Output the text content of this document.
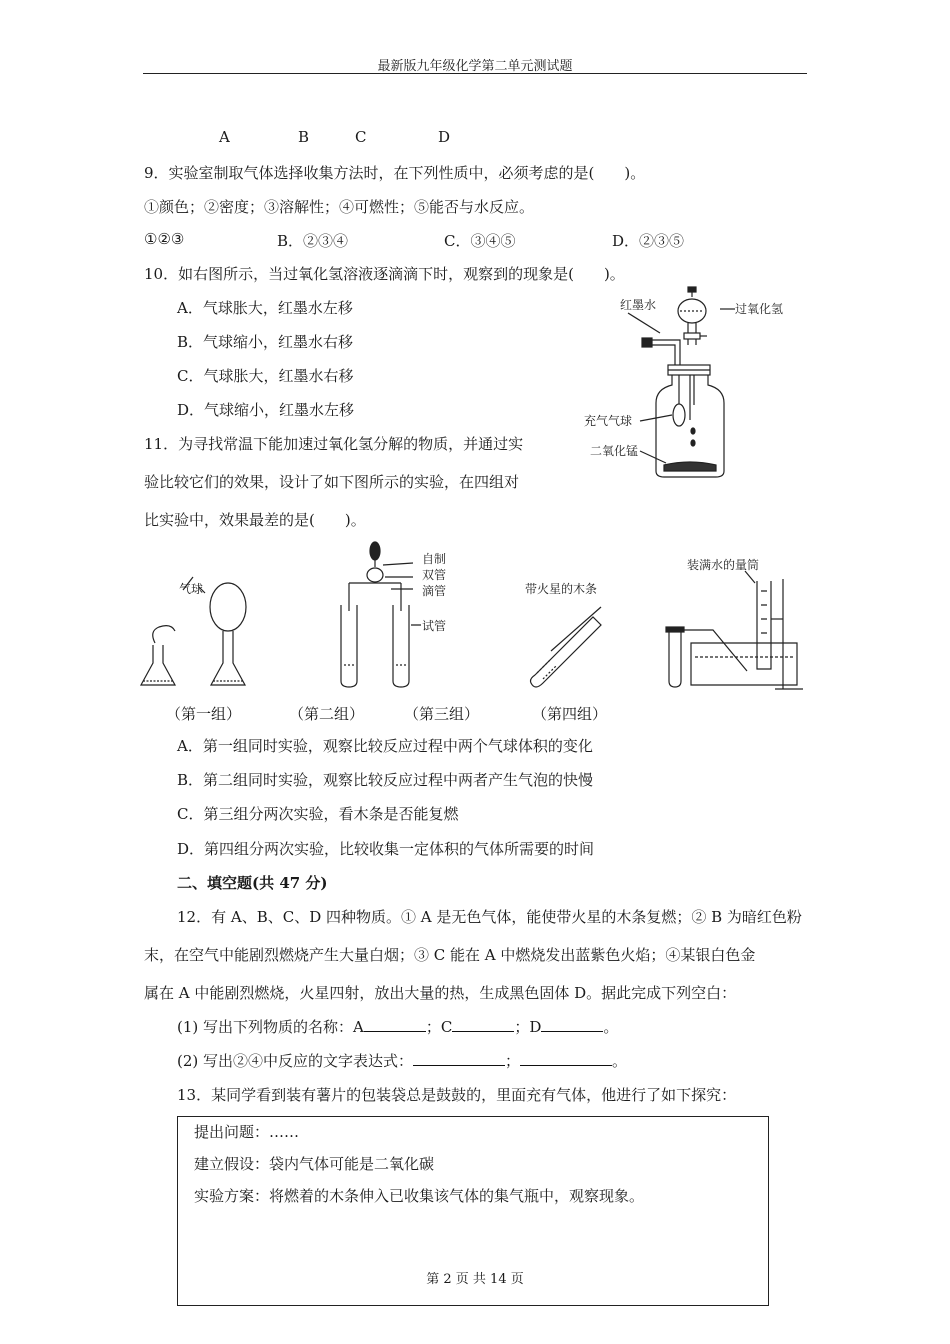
最新版九年级化学第二单元测试题
A	B	C	D
9．实验室制取气体选择收集方法时，在下列性质中，必须考虑的是(　　)。
①颜色；②密度；③溶解性；④可燃性；⑤能否与水反应。
①②③	B．②③④	C．③④⑤	D．②③⑤
10．如右图所示，当过氧化氢溶液逐滴滴下时，观察到的现象是(　　)。
A．气球胀大，红墨水左移
B．气球缩小，红墨水右移
C．气球胀大，红墨水右移
D．气球缩小，红墨水左移
红墨水	过氧化氢
充气气球
二氧化锰
11．为寻找常温下能加速过氧化氢分解的物质，并通过实
验比较它们的效果，设计了如下图所示的实验，在四组对
比实验中，效果最差的是(　　)。
气球
自制
双管
滴管
试管
带火星的木条
装满水的量筒
（第一组）	（第二组）	（第三组）	（第四组）
A．第一组同时实验，观察比较反应过程中两个气球体积的变化
B．第二组同时实验，观察比较反应过程中两者产生气泡的快慢
C．第三组分两次实验，看木条是否能复燃
D．第四组分两次实验，比较收集一定体积的气体所需要的时间
二、填空题(共 47 分)
12．有 A、B、C、D 四种物质。① A 是无色气体，能使带火星的木条复燃；② B 为暗红色粉
末，在空气中能剧烈燃烧产生大量白烟；③ C 能在 A 中燃烧发出蓝紫色火焰；④某银白色金
属在 A 中能剧烈燃烧，火星四射，放出大量的热，生成黑色固体 D。据此完成下列空白：
(1) 写出下列物质的名称：A	；C	；D	。
(2) 写出②④中反应的文字表达式：	；	。
13．某同学看到装有薯片的包装袋总是鼓鼓的，里面充有气体，他进行了如下探究：
提出问题：……
建立假设：袋内气体可能是二氧化碳
实验方案：将燃着的木条伸入已收集该气体的集气瓶中，观察现象。
第 2 页 共 14 页
